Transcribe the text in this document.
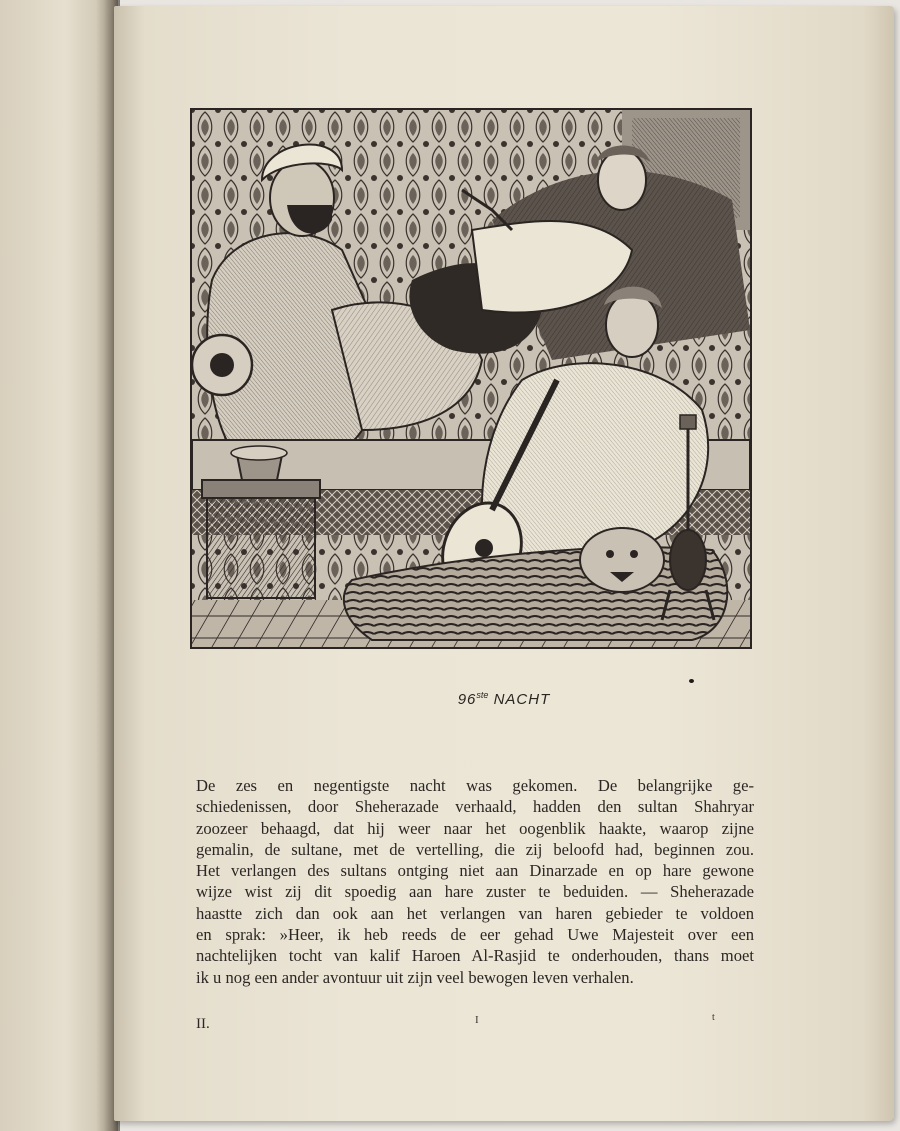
96ste NACHT
De zes en negentigste nacht was gekomen. De belangrijke ge-
schiedenissen, door Sheherazade verhaald, hadden den sultan Shahryar
zoozeer behaagd, dat hij weer naar het oogenblik haakte, waarop zijne
gemalin, de sultane, met de vertelling, die zij beloofd had, beginnen zou.
Het verlangen des sultans ontging niet aan Dinarzade en op hare gewone
wijze wist zij dit spoedig aan hare zuster te beduiden. — Sheherazade
haastte zich dan ook aan het verlangen van haren gebieder te voldoen
en sprak: »Heer, ik heb reeds de eer gehad Uwe Majesteit over een
nachtelijken tocht van kalif Haroen Al-Rasjid te onderhouden, thans moet
ik u nog een ander avontuur uit zijn veel bewogen leven verhalen.
II.	I	t
